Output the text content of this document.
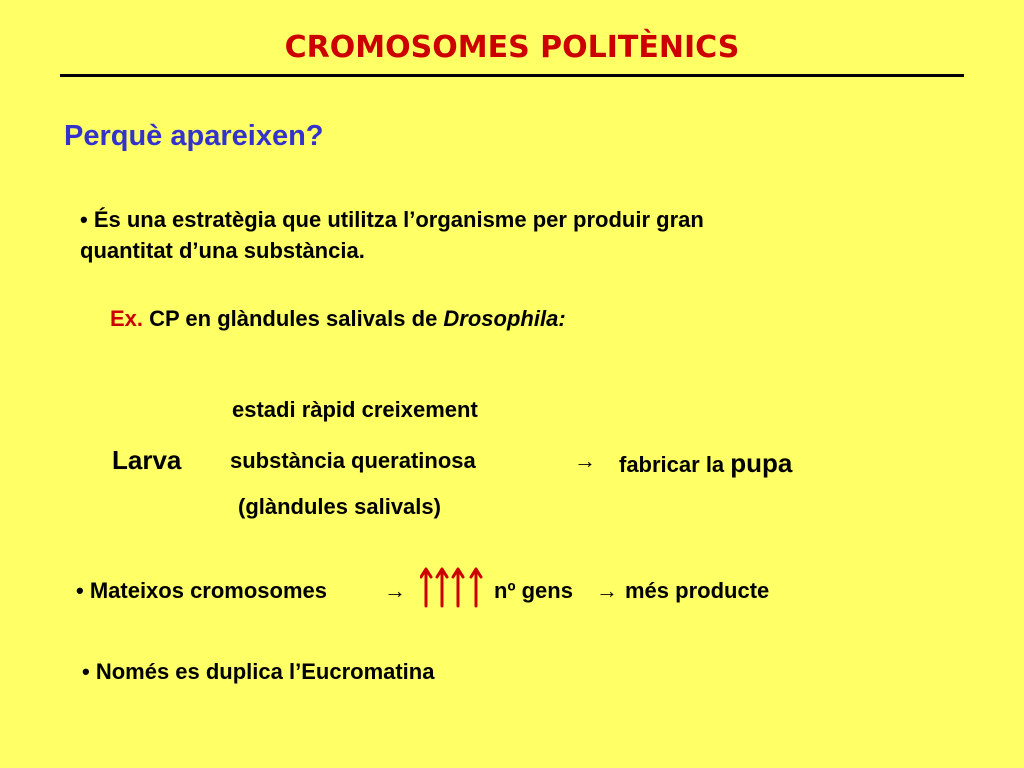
CROMOSOMES POLITÈNICS
Perquè apareixen?
• És una estratègia que utilitza l’organisme per produir gran
quantitat d’una substància.
Ex. CP en glàndules salivals de Drosophila:
estadi ràpid creixement
Larva substància queratinosa	→ fabricar la pupa
(glàndules salivals)
• Mateixos cromosomes	→	nº gens → més producte
• Només es duplica l’Eucromatina
